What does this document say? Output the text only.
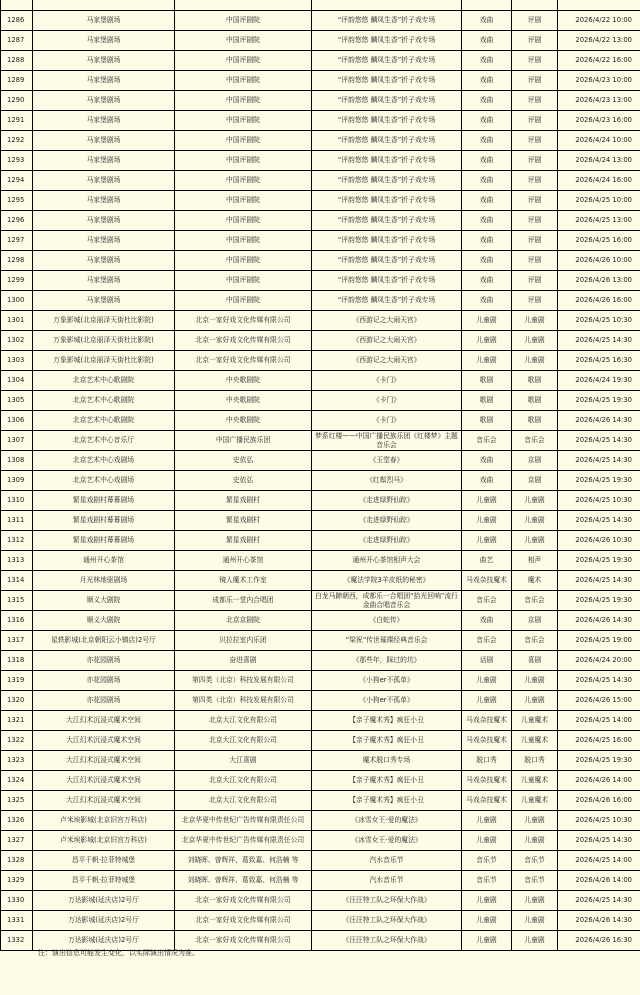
1286	马家堡剧场	中国评剧院	“评韵悠悠 麟凤生香”折子戏专场	戏曲	评剧	2026/4/22 10:00
1287	马家堡剧场	中国评剧院	“评韵悠悠 麟凤生香”折子戏专场	戏曲	评剧	2026/4/22 13:00
1288	马家堡剧场	中国评剧院	“评韵悠悠 麟凤生香”折子戏专场	戏曲	评剧	2026/4/22 16:00
1289	马家堡剧场	中国评剧院	“评韵悠悠 麟凤生香”折子戏专场	戏曲	评剧	2026/4/23 10:00
1290	马家堡剧场	中国评剧院	“评韵悠悠 麟凤生香”折子戏专场	戏曲	评剧	2026/4/23 13:00
1291	马家堡剧场	中国评剧院	“评韵悠悠 麟凤生香”折子戏专场	戏曲	评剧	2026/4/23 16:00
1292	马家堡剧场	中国评剧院	“评韵悠悠 麟凤生香”折子戏专场	戏曲	评剧	2026/4/24 10:00
1293	马家堡剧场	中国评剧院	“评韵悠悠 麟凤生香”折子戏专场	戏曲	评剧	2026/4/24 13:00
1294	马家堡剧场	中国评剧院	“评韵悠悠 麟凤生香”折子戏专场	戏曲	评剧	2026/4/24 16:00
1295	马家堡剧场	中国评剧院	“评韵悠悠 麟凤生香”折子戏专场	戏曲	评剧	2026/4/25 10:00
1296	马家堡剧场	中国评剧院	“评韵悠悠 麟凤生香”折子戏专场	戏曲	评剧	2026/4/25 13:00
1297	马家堡剧场	中国评剧院	“评韵悠悠 麟凤生香”折子戏专场	戏曲	评剧	2026/4/25 16:00
1298	马家堡剧场	中国评剧院	“评韵悠悠 麟凤生香”折子戏专场	戏曲	评剧	2026/4/26 10:00
1299	马家堡剧场	中国评剧院	“评韵悠悠 麟凤生香”折子戏专场	戏曲	评剧	2026/4/26 13:00
1300	马家堡剧场	中国评剧院	“评韵悠悠 麟凤生香”折子戏专场	戏曲	评剧	2026/4/26 16:00
1301	万象影城(北京丽泽天街杜比影院)	北京一家好戏文化传媒有限公司	《西游记之大闹天宫》	儿童剧	儿童剧	2026/4/25 10:30
1302	万象影城(北京丽泽天街杜比影院)	北京一家好戏文化传媒有限公司	《西游记之大闹天宫》	儿童剧	儿童剧	2026/4/25 14:30
1303	万象影城(北京丽泽天街杜比影院)	北京一家好戏文化传媒有限公司	《西游记之大闹天宫》	儿童剧	儿童剧	2026/4/25 16:30
1304	北京艺术中心歌剧院	中央歌剧院	《卡门》	歌剧	歌剧	2026/4/24 19:30
1305	北京艺术中心歌剧院	中央歌剧院	《卡门》	歌剧	歌剧	2026/4/25 19:30
1306	北京艺术中心歌剧院	中央歌剧院	《卡门》	歌剧	歌剧	2026/4/26 14:30
1307	北京艺术中心音乐厅	中国广播民族乐团	梦系红楼——中国广播民族乐团《红楼梦》主题音乐会	音乐会	音乐会	2026/4/25 14:30
1308	北京艺术中心戏剧场	史依弘	《玉堂春》	戏曲	京剧	2026/4/25 14:30
1309	北京艺术中心戏剧场	史依弘	《红鬃烈马》	戏曲	京剧	2026/4/25 19:30
1310	繁星戏剧村幕幕剧场	繁星戏剧村	《走进绿野仙踪》	儿童剧	儿童剧	2026/4/25 10:30
1311	繁星戏剧村幕幕剧场	繁星戏剧村	《走进绿野仙踪》	儿童剧	儿童剧	2026/4/25 14:30
1312	繁星戏剧村幕幕剧场	繁星戏剧村	《走进绿野仙踪》	儿童剧	儿童剧	2026/4/26 10:30
1313	通州开心茶馆	通州开心茶馆	通州开心茶馆相声大会	曲艺	相声	2026/4/25 19:30
1314	月光林地驱剧场	镜人魔术工作室	《魔法学院3羊皮纸的秘密》	马戏杂技魔术	魔术	2026/4/25 14:30
1315	顺义大剧院	成都乐一堂内合唱团	白龙马蹄朝西，成都乐一合唱团“拾光回响”流行金曲合唱音乐会	音乐会	音乐会	2026/4/25 19:30
1316	顺义大剧院	北京京剧院	《白蛇传》	戏曲	京剧	2026/4/26 14:30
1317	星轶影城(北京朝阳云小镇店)2号厅	贝拉拉室内乐团	“梁祝”传世璀璨经典音乐会	音乐会	音乐会	2026/4/25 19:00
1318	亦花园剧场	奋进喜剧	《那些年，踩过的坑》	话剧	喜剧	2026/4/24 20:00
1319	亦花园剧场	第四类（北京）科技发展有限公司	《小狗er不孤单》	儿童剧	儿童剧	2026/4/25 14:30
1320	亦花园剧场	第四类（北京）科技发展有限公司	《小狗er不孤单》	儿童剧	儿童剧	2026/4/26 15:00
1321	大江幻术沉浸式魔术空间	北京大江文化有限公司	【亲子魔术秀】疯狂小丑	马戏杂技魔术	儿童魔术	2026/4/25 14:00
1322	大江幻术沉浸式魔术空间	北京大江文化有限公司	【亲子魔术秀】疯狂小丑	马戏杂技魔术	儿童魔术	2026/4/25 16:00
1323	大江幻术沉浸式魔术空间	大江喜剧	魔术脱口秀专场	脱口秀	脱口秀	2026/4/25 19:30
1324	大江幻术沉浸式魔术空间	北京大江文化有限公司	【亲子魔术秀】疯狂小丑	马戏杂技魔术	儿童魔术	2026/4/26 14:00
1325	大江幻术沉浸式魔术空间	北京大江文化有限公司	【亲子魔术秀】疯狂小丑	马戏杂技魔术	儿童魔术	2026/4/26 16:00
1326	卢米埃影城(北京旧宫万科店)	北京华夏中传世纪广告传媒有限责任公司	《冰雪女王-爱的魔法》	儿童剧	儿童剧	2026/4/25 10:30
1327	卢米埃影城(北京旧宫万科店)	北京华夏中传世纪广告传媒有限责任公司	《冰雪女王-爱的魔法》	儿童剧	儿童剧	2026/4/25 14:30
1328	昌平千帆·拉菲特城堡	刘晓晖、曾辉祥、葛致嘉、何浩楠 等	汽水音乐节	音乐节	音乐节	2026/4/25 14:00
1329	昌平千帆·拉菲特城堡	刘晓晖、曾辉祥、葛致嘉、何浩楠 等	汽水音乐节	音乐节	音乐节	2026/4/26 14:00
1330	万达影城(延庆店)2号厅	北京一家好戏文化传媒有限公司	《汪汪特工队之环保大作战》	儿童剧	儿童剧	2026/4/25 14:30
1331	万达影城(延庆店)2号厅	北京一家好戏文化传媒有限公司	《汪汪特工队之环保大作战》	儿童剧	儿童剧	2026/4/26 14:30
1332	万达影城(延庆店)2号厅	北京一家好戏文化传媒有限公司	《汪汪特工队之环保大作战》	儿童剧	儿童剧	2026/4/26 16:30
注：演出信息可能发生变化，以实际演出情况为准。
